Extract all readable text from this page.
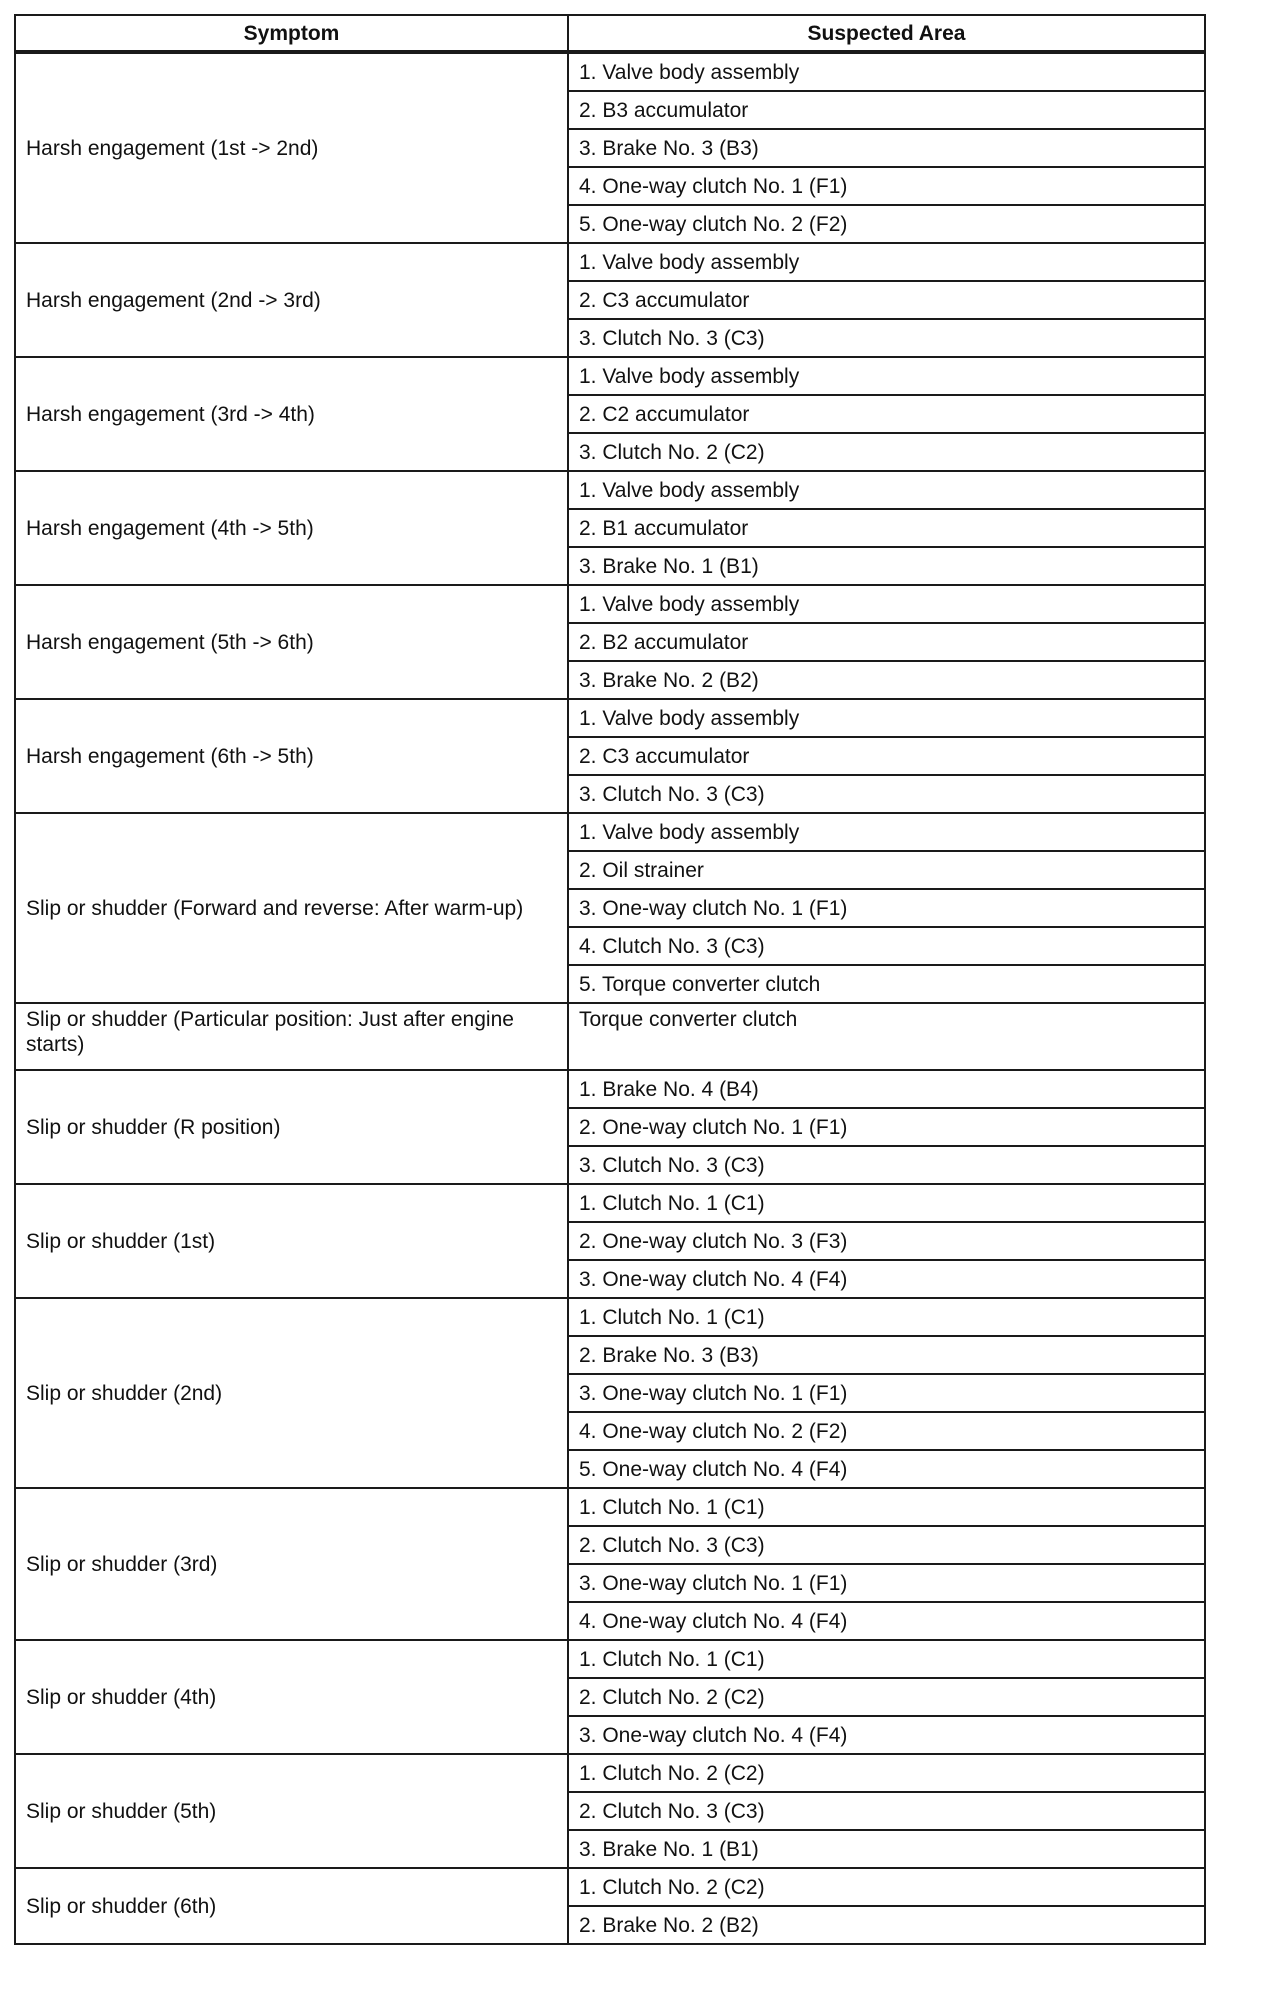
Symptom	Suspected Area
Harsh engagement (1st -> 2nd)	1. Valve body assembly
	2. B3 accumulator
	3. Brake No. 3 (B3)
	4. One-way clutch No. 1 (F1)
	5. One-way clutch No. 2 (F2)
Harsh engagement (2nd -> 3rd)	1. Valve body assembly
	2. C3 accumulator
	3. Clutch No. 3 (C3)
Harsh engagement (3rd -> 4th)	1. Valve body assembly
	2. C2 accumulator
	3. Clutch No. 2 (C2)
Harsh engagement (4th -> 5th)	1. Valve body assembly
	2. B1 accumulator
	3. Brake No. 1 (B1)
Harsh engagement (5th -> 6th)	1. Valve body assembly
	2. B2 accumulator
	3. Brake No. 2 (B2)
Harsh engagement (6th -> 5th)	1. Valve body assembly
	2. C3 accumulator
	3. Clutch No. 3 (C3)
Slip or shudder (Forward and reverse: After warm-up)	1. Valve body assembly
	2. Oil strainer
	3. One-way clutch No. 1 (F1)
	4. Clutch No. 3 (C3)
	5. Torque converter clutch
Slip or shudder (Particular position: Just after engine starts)	Torque converter clutch
Slip or shudder (R position)	1. Brake No. 4 (B4)
	2. One-way clutch No. 1 (F1)
	3. Clutch No. 3 (C3)
Slip or shudder (1st)	1. Clutch No. 1 (C1)
	2. One-way clutch No. 3 (F3)
	3. One-way clutch No. 4 (F4)
Slip or shudder (2nd)	1. Clutch No. 1 (C1)
	2. Brake No. 3 (B3)
	3. One-way clutch No. 1 (F1)
	4. One-way clutch No. 2 (F2)
	5. One-way clutch No. 4 (F4)
Slip or shudder (3rd)	1. Clutch No. 1 (C1)
	2. Clutch No. 3 (C3)
	3. One-way clutch No. 1 (F1)
	4. One-way clutch No. 4 (F4)
Slip or shudder (4th)	1. Clutch No. 1 (C1)
	2. Clutch No. 2 (C2)
	3. One-way clutch No. 4 (F4)
Slip or shudder (5th)	1. Clutch No. 2 (C2)
	2. Clutch No. 3 (C3)
	3. Brake No. 1 (B1)
Slip or shudder (6th)	1. Clutch No. 2 (C2)
	2. Brake No. 2 (B2)
